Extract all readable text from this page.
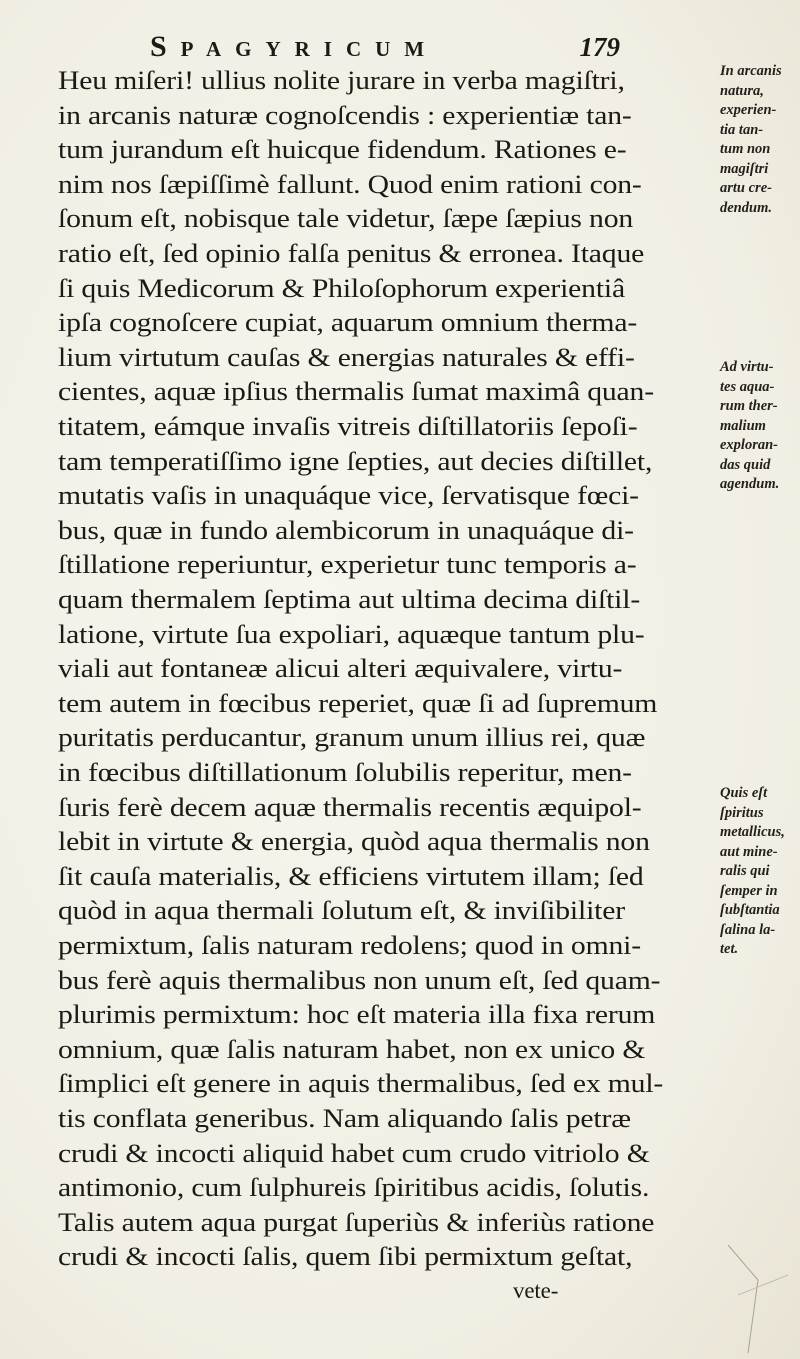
Spagyricum	179
Heu miſeri! ullius nolite jurare in verba magiſtri,
in arcanis naturæ cognoſcendis : experientiæ tan-
tum jurandum eſt huicque fidendum. Rationes e-
nim nos ſæpiſſimè fallunt. Quod enim rationi con-
ſonum eſt, nobisque tale videtur, ſæpe ſæpius non
ratio eſt, ſed opinio falſa penitus & erronea. Itaque
ſi quis Medicorum & Philoſophorum experientiâ
ipſa cognoſcere cupiat, aquarum omnium therma-
lium virtutum cauſas & energias naturales & effi-
cientes, aquæ ipſius thermalis ſumat maximâ quan-
titatem, eámque invaſis vitreis diſtillatoriis ſepoſi-
tam temperatiſſimo igne ſepties, aut decies diſtillet,
mutatis vaſis in unaquáque vice, ſervatisque fœci-
bus, quæ in fundo alembicorum in unaquáque di-
ſtillatione reperiuntur, experietur tunc temporis a-
quam thermalem ſeptima aut ultima decima diſtil-
latione, virtute ſua expoliari, aquæque tantum plu-
viali aut fontaneæ alicui alteri æquivalere, virtu-
tem autem in fœcibus reperiet, quæ ſi ad ſupremum
puritatis perducantur, granum unum illius rei, quæ
in fœcibus diſtillationum ſolubilis reperitur, men-
ſuris ferè decem aquæ thermalis recentis æquipol-
lebit in virtute & energia, quòd aqua thermalis non
ſit cauſa materialis, & efficiens virtutem illam; ſed
quòd in aqua thermali ſolutum eſt, & inviſibiliter
permixtum, ſalis naturam redolens; quod in omni-
bus ferè aquis thermalibus non unum eſt, ſed quam-
plurimis permixtum: hoc eſt materia illa fixa rerum
omnium, quæ ſalis naturam habet, non ex unico &
ſimplici eſt genere in aquis thermalibus, ſed ex mul-
tis conflata generibus. Nam aliquando ſalis petræ
crudi & incocti aliquid habet cum crudo vitriolo &
antimonio, cum ſulphureis ſpiritibus acidis, ſolutis.
Talis autem aqua purgat ſuperiùs & inferiùs ratione
crudi & incocti ſalis, quem ſibi permixtum geſtat,
vete-
In arcanis
natura,
experien-
tia tan-
tum non
magiſtri
artu cre-
dendum.
Ad virtu-
tes aqua-
rum ther-
malium
exploran-
das quid
agendum.
Quis eſt
ſpiritus
metallicus,
aut mine-
ralis qui
ſemper in
ſubſtantia
ſalina la-
tet.
